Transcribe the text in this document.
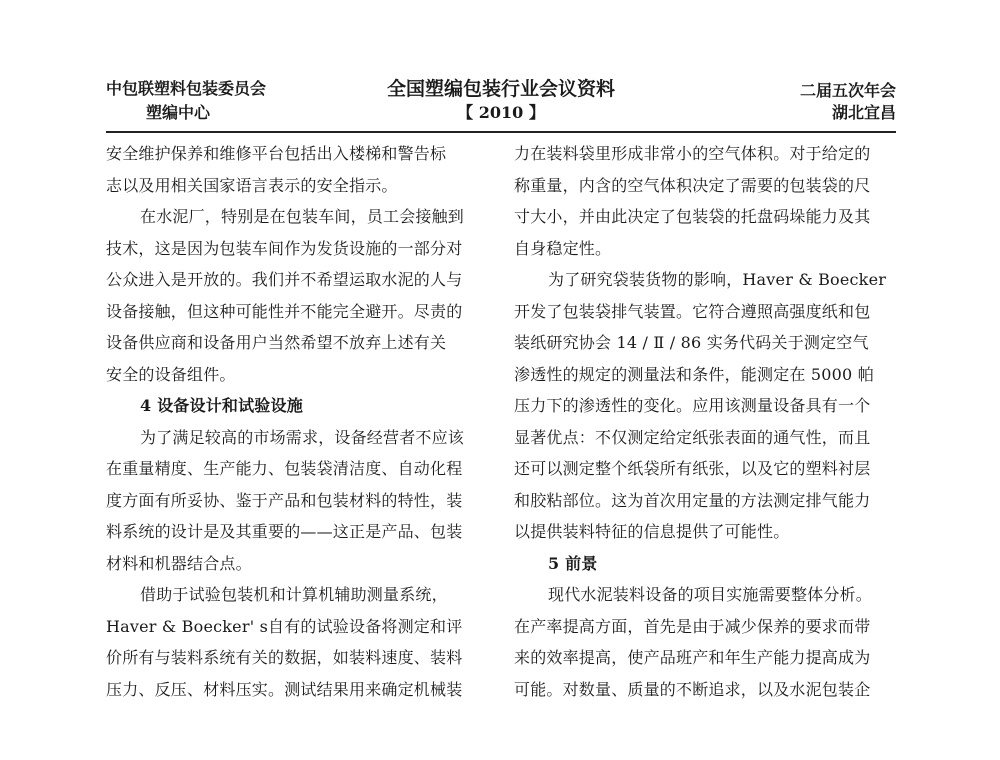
中包联塑料包装委员会
塑编中心
全国塑编包装行业会议资料
【 2010 】
二届五次年会
湖北宜昌
安全维护保养和维修平台包括出入楼梯和警告标
志以及用相关国家语言表示的安全指示。
在水泥厂，特别是在包装车间，员工会接触到
技术，这是因为包装车间作为发货设施的一部分对
公众进入是开放的。我们并不希望运取水泥的人与
设备接触，但这种可能性并不能完全避开。尽责的
设备供应商和设备用户当然希望不放弃上述有关
安全的设备组件。
4 设备设计和试验设施
为了满足较高的市场需求，设备经营者不应该
在重量精度、生产能力、包装袋清洁度、自动化程
度方面有所妥协、鉴于产品和包装材料的特性，装
料系统的设计是及其重要的——这正是产品、包装
材料和机器结合点。
借助于试验包装机和计算机辅助测量系统，
Haver & Boecker' s自有的试验设备将测定和评
价所有与装料系统有关的数据，如装料速度、装料
压力、反压、材料压实。测试结果用来确定机械装
力在装料袋里形成非常小的空气体积。对于给定的
称重量，内含的空气体积决定了需要的包装袋的尺
寸大小，并由此决定了包装袋的托盘码垛能力及其
自身稳定性。
为了研究袋装货物的影响，Haver & Boecker
开发了包装袋排气装置。它符合遵照高强度纸和包
装纸研究协会 14 / Ⅱ / 86 实务代码关于测定空气
渗透性的规定的测量法和条件，能测定在 5000 帕
压力下的渗透性的变化。应用该测量设备具有一个
显著优点：不仅测定给定纸张表面的通气性，而且
还可以测定整个纸袋所有纸张，以及它的塑料衬层
和胶粘部位。这为首次用定量的方法测定排气能力
以提供装料特征的信息提供了可能性。
5 前景
现代水泥装料设备的项目实施需要整体分析。
在产率提高方面，首先是由于减少保养的要求而带
来的效率提高，使产品班产和年生产能力提高成为
可能。对数量、质量的不断追求，以及水泥包装企
